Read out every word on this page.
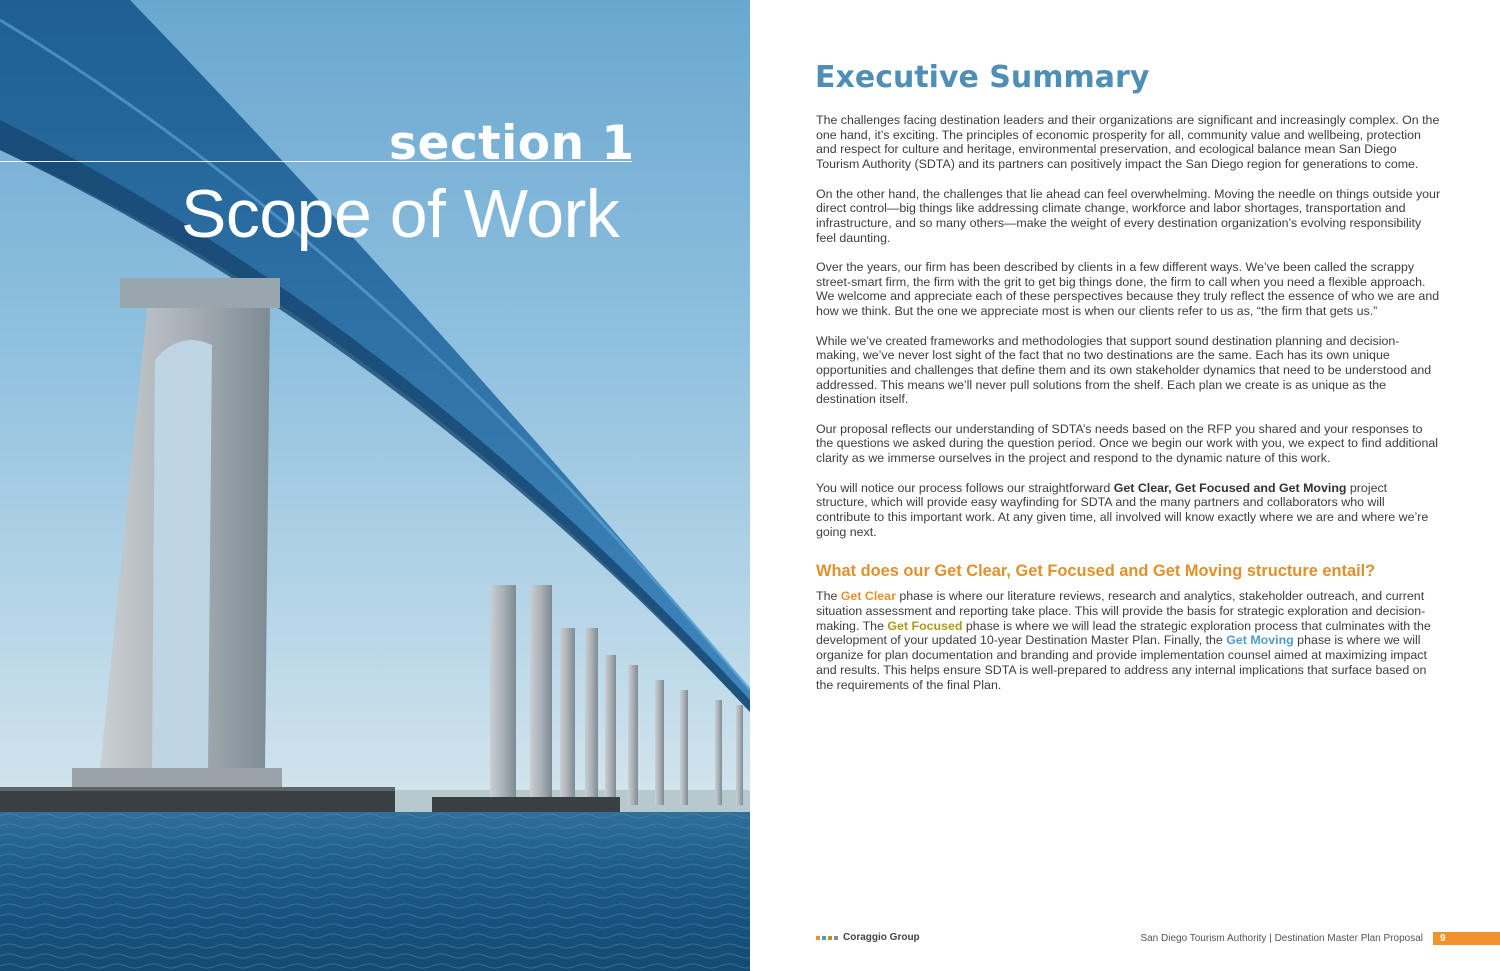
section 1
Scope of Work
Executive Summary

The challenges facing destination leaders and their organizations are significant and increasingly complex. On the one hand, it’s exciting. The principles of economic prosperity for all, community value and wellbeing, protection and respect for culture and heritage, environmental preservation, and ecological balance mean San Diego Tourism Authority (SDTA) and its partners can positively impact the San Diego region for generations to come.

On the other hand, the challenges that lie ahead can feel overwhelming. Moving the needle on things outside your direct control—big things like addressing climate change, workforce and labor shortages, transportation and infrastructure, and so many others—make the weight of every destination organization’s evolving responsibility feel daunting.

Over the years, our firm has been described by clients in a few different ways. We’ve been called the scrappy street-smart firm, the firm with the grit to get big things done, the firm to call when you need a flexible approach. We welcome and appreciate each of these perspectives because they truly reflect the essence of who we are and how we think. But the one we appreciate most is when our clients refer to us as, “the firm that gets us.”

While we’ve created frameworks and methodologies that support sound destination planning and decision-making, we’ve never lost sight of the fact that no two destinations are the same. Each has its own unique opportunities and challenges that define them and its own stakeholder dynamics that need to be understood and addressed. This means we’ll never pull solutions from the shelf. Each plan we create is as unique as the destination itself.

Our proposal reflects our understanding of SDTA’s needs based on the RFP you shared and your responses to the questions we asked during the question period. Once we begin our work with you, we expect to find additional clarity as we immerse ourselves in the project and respond to the dynamic nature of this work.

You will notice our process follows our straightforward Get Clear, Get Focused and Get Moving project structure, which will provide easy wayfinding for SDTA and the many partners and collaborators who will contribute to this important work. At any given time, all involved will know exactly where we are and where we’re going next.

What does our Get Clear, Get Focused and Get Moving structure entail?

The Get Clear phase is where our literature reviews, research and analytics, stakeholder outreach, and current situation assessment and reporting take place. This will provide the basis for strategic exploration and decision-making. The Get Focused phase is where we will lead the strategic exploration process that culminates with the development of your updated 10-year Destination Master Plan. Finally, the Get Moving phase is where we will organize for plan documentation and branding and provide implementation counsel aimed at maximizing impact and results. This helps ensure SDTA is well-prepared to address any internal implications that surface based on the requirements of the final Plan.

Coraggio Group	San Diego Tourism Authority | Destination Master Plan Proposal	9
